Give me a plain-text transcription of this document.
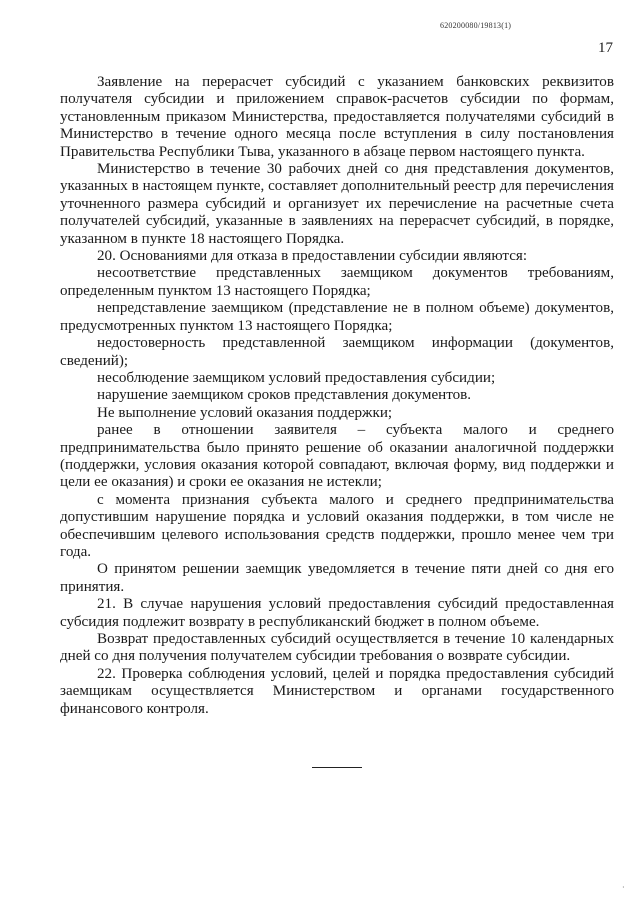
620200080/19813(1)
17

Заявление на перерасчет субсидий с указанием банковских реквизитов получателя субсидии и приложением справок-расчетов субсидии по формам, установленным приказом Министерства, предоставляется получателями субсидий в Министерство в течение одного месяца после вступления в силу постановления Правительства Республики Тыва, указанного в абзаце первом настоящего пункта.

Министерство в течение 30 рабочих дней со дня представления документов, указанных в настоящем пункте, составляет дополнительный реестр для перечисления уточненного размера субсидий и организует их перечисление на расчетные счета получателей субсидий, указанные в заявлениях на перерасчет субсидий, в порядке, указанном в пункте 18 настоящего Порядка.

20. Основаниями для отказа в предоставлении субсидии являются:

несоответствие представленных заемщиком документов требованиям, определенным пунктом 13 настоящего Порядка;

непредставление заемщиком (представление не в полном объеме) документов, предусмотренных пунктом 13 настоящего Порядка;

недостоверность представленной заемщиком информации (документов, сведений);

несоблюдение заемщиком условий предоставления субсидии;

нарушение заемщиком сроков представления документов.

Не выполнение условий оказания поддержки;

ранее в отношении заявителя – субъекта малого и среднего предпринимательства было принято решение об оказании аналогичной поддержки (поддержки, условия оказания которой совпадают, включая форму, вид поддержки и цели ее оказания) и сроки ее оказания не истекли;

с момента признания субъекта малого и среднего предпринимательства допустившим нарушение порядка и условий оказания поддержки, в том числе не обеспечившим целевого использования средств поддержки, прошло менее чем три года.

О принятом решении заемщик уведомляется в течение пяти дней со дня его принятия.

21. В случае нарушения условий предоставления субсидий предоставленная субсидия подлежит возврату в республиканский бюджет в полном объеме.

Возврат предоставленных субсидий осуществляется в течение 10 календарных дней со дня получения получателем субсидии требования о возврате субсидии.

22. Проверка соблюдения условий, целей и порядка предоставления субсидий заемщикам осуществляется Министерством и органами государственного финансового контроля.

·
